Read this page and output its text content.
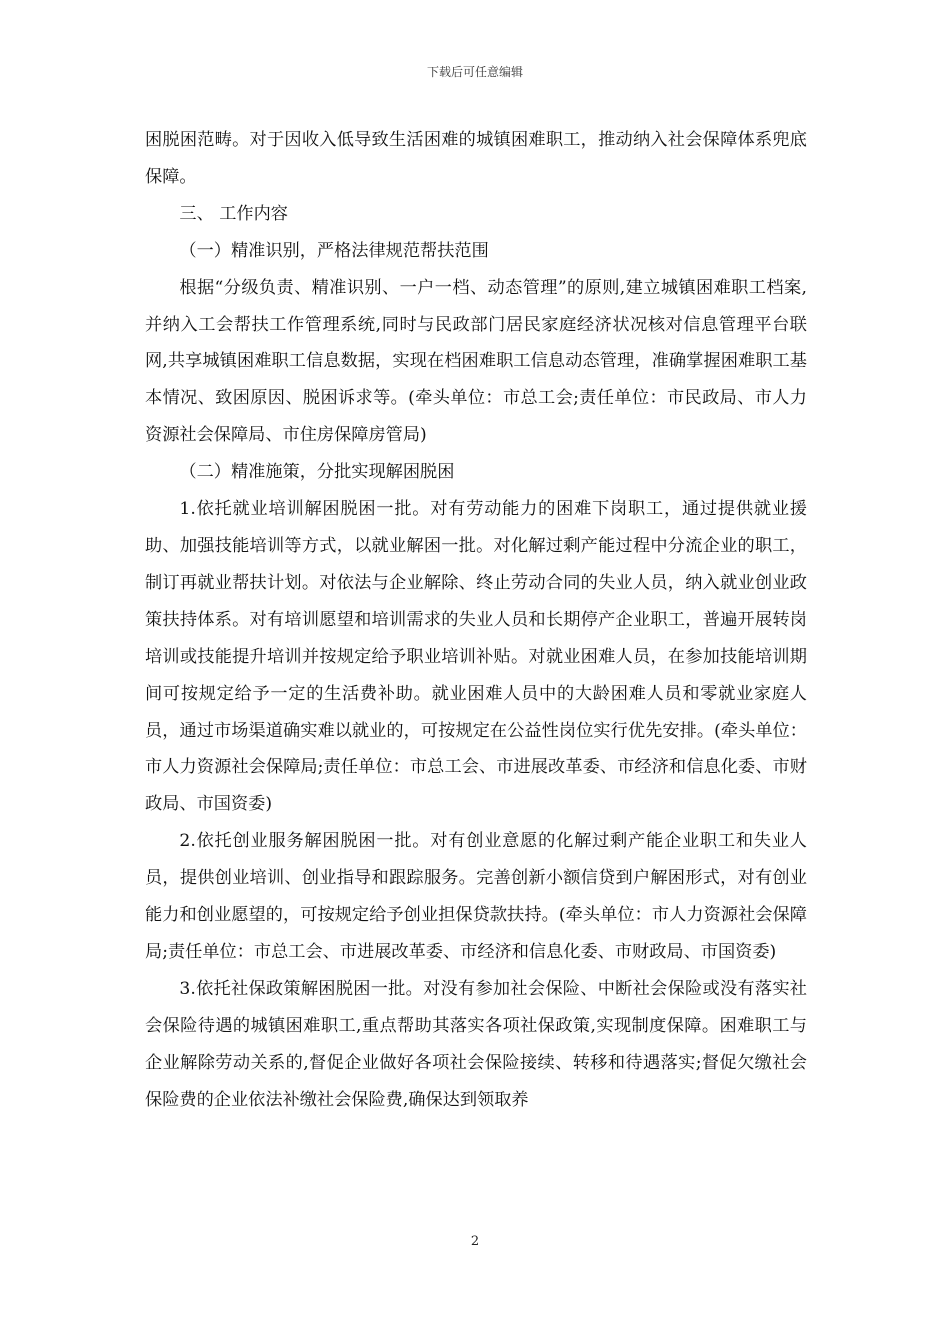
下载后可任意编辑

困脱困范畴。对于因收入低导致生活困难的城镇困难职工，推动纳入社会保障体系兜底保障。

三、 工作内容

（一）精准识别，严格法律规范帮扶范围

根据“分级负责、精准识别、一户一档、动态管理”的原则,建立城镇困难职工档案,并纳入工会帮扶工作管理系统,同时与民政部门居民家庭经济状况核对信息管理平台联网,共享城镇困难职工信息数据，实现在档困难职工信息动态管理，准确掌握困难职工基本情况、致困原因、脱困诉求等。(牵头单位：市总工会;责任单位：市民政局、市人力资源社会保障局、市住房保障房管局)

（二）精准施策，分批实现解困脱困

1.依托就业培训解困脱困一批。对有劳动能力的困难下岗职工，通过提供就业援助、加强技能培训等方式，以就业解困一批。对化解过剩产能过程中分流企业的职工，制订再就业帮扶计划。对依法与企业解除、终止劳动合同的失业人员，纳入就业创业政策扶持体系。对有培训愿望和培训需求的失业人员和长期停产企业职工，普遍开展转岗培训或技能提升培训并按规定给予职业培训补贴。对就业困难人员，在参加技能培训期间可按规定给予一定的生活费补助。就业困难人员中的大龄困难人员和零就业家庭人员，通过市场渠道确实难以就业的，可按规定在公益性岗位实行优先安排。(牵头单位：市人力资源社会保障局;责任单位：市总工会、市进展改革委、市经济和信息化委、市财政局、市国资委)

2.依托创业服务解困脱困一批。对有创业意愿的化解过剩产能企业职工和失业人员，提供创业培训、创业指导和跟踪服务。完善创新小额信贷到户解困形式，对有创业能力和创业愿望的，可按规定给予创业担保贷款扶持。(牵头单位：市人力资源社会保障局;责任单位：市总工会、市进展改革委、市经济和信息化委、市财政局、市国资委)

3.依托社保政策解困脱困一批。对没有参加社会保险、中断社会保险或没有落实社会保险待遇的城镇困难职工,重点帮助其落实各项社保政策,实现制度保障。困难职工与企业解除劳动关系的,督促企业做好各项社会保险接续、转移和待遇落实;督促欠缴社会保险费的企业依法补缴社会保险费,确保达到领取养

2
